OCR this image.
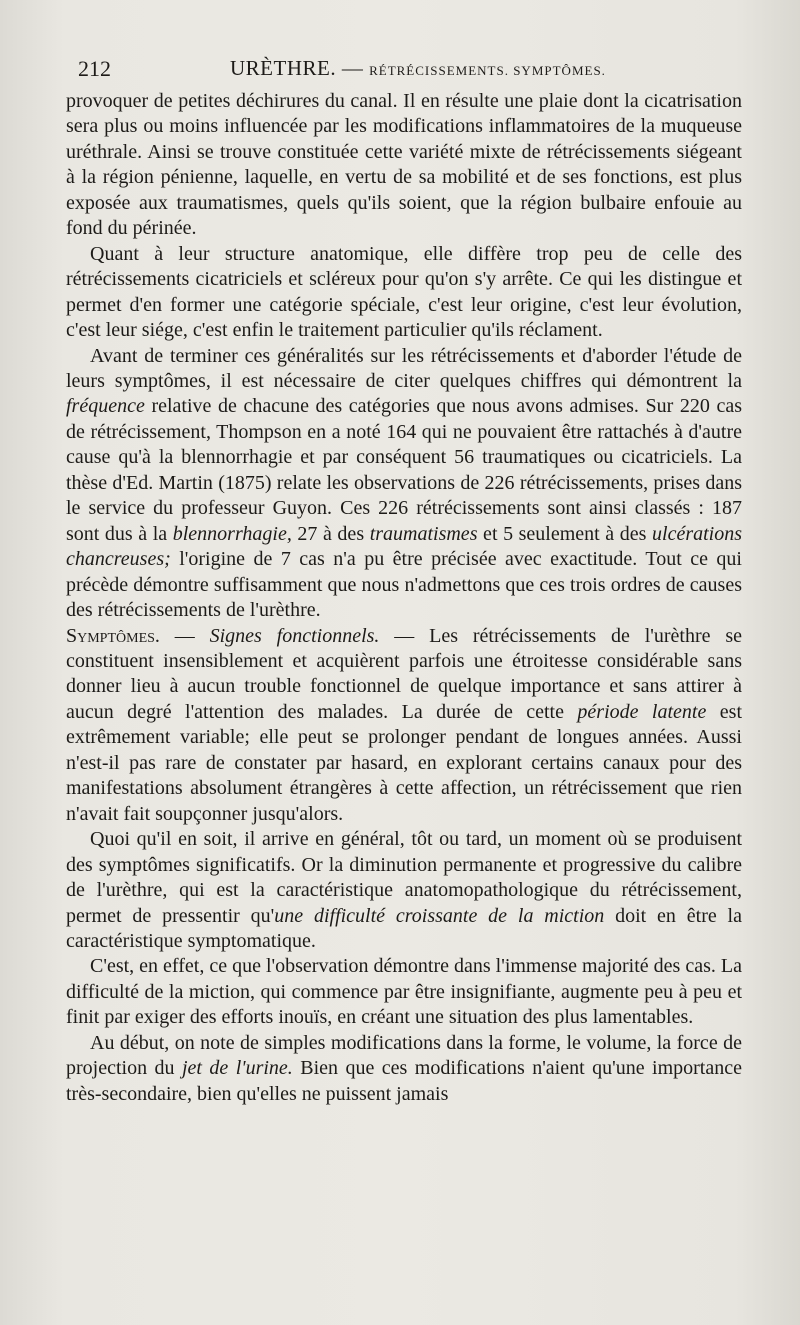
212	URÈTHRE. — RÉTRÉCISSEMENTS. SYMPTÔMES.

provoquer de petites déchirures du canal. Il en résulte une plaie dont la cicatrisation sera plus ou moins influencée par les modifications inflammatoires de la muqueuse uréthrale. Ainsi se trouve constituée cette variété mixte de rétrécissements siégeant à la région pénienne, laquelle, en vertu de sa mobilité et de ses fonctions, est plus exposée aux traumatismes, quels qu'ils soient, que la région bulbaire enfouie au fond du périnée.

Quant à leur structure anatomique, elle diffère trop peu de celle des rétrécissements cicatriciels et scléreux pour qu'on s'y arrête. Ce qui les distingue et permet d'en former une catégorie spéciale, c'est leur origine, c'est leur évolution, c'est leur siége, c'est enfin le traitement particulier qu'ils réclament.

Avant de terminer ces généralités sur les rétrécissements et d'aborder l'étude de leurs symptômes, il est nécessaire de citer quelques chiffres qui démontrent la fréquence relative de chacune des catégories que nous avons admises. Sur 220 cas de rétrécissement, Thompson en a noté 164 qui ne pouvaient être rattachés à d'autre cause qu'à la blennorrhagie et par conséquent 56 traumatiques ou cicatriciels. La thèse d'Ed. Martin (1875) relate les observations de 226 rétrécissements, prises dans le service du professeur Guyon. Ces 226 rétrécissements sont ainsi classés : 187 sont dus à la blennorrhagie, 27 à des traumatismes et 5 seulement à des ulcérations chancreuses; l'origine de 7 cas n'a pu être précisée avec exactitude. Tout ce qui précède démontre suffisamment que nous n'admettons que ces trois ordres de causes des rétrécissements de l'urèthre.

Symptômes. — Signes fonctionnels. — Les rétrécissements de l'urèthre se constituent insensiblement et acquièrent parfois une étroitesse considérable sans donner lieu à aucun trouble fonctionnel de quelque importance et sans attirer à aucun degré l'attention des malades. La durée de cette période latente est extrêmement variable; elle peut se prolonger pendant de longues années. Aussi n'est-il pas rare de constater par hasard, en explorant certains canaux pour des manifestations absolument étrangères à cette affection, un rétrécissement que rien n'avait fait soupçonner jusqu'alors.

Quoi qu'il en soit, il arrive en général, tôt ou tard, un moment où se produisent des symptômes significatifs. Or la diminution permanente et progressive du calibre de l'urèthre, qui est la caractéristique anatomopathologique du rétrécissement, permet de pressentir qu'une difficulté croissante de la miction doit en être la caractéristique symptomatique.

C'est, en effet, ce que l'observation démontre dans l'immense majorité des cas. La difficulté de la miction, qui commence par être insignifiante, augmente peu à peu et finit par exiger des efforts inouïs, en créant une situation des plus lamentables.

Au début, on note de simples modifications dans la forme, le volume, la force de projection du jet de l'urine. Bien que ces modifications n'aient qu'une importance très-secondaire, bien qu'elles ne puissent jamais
